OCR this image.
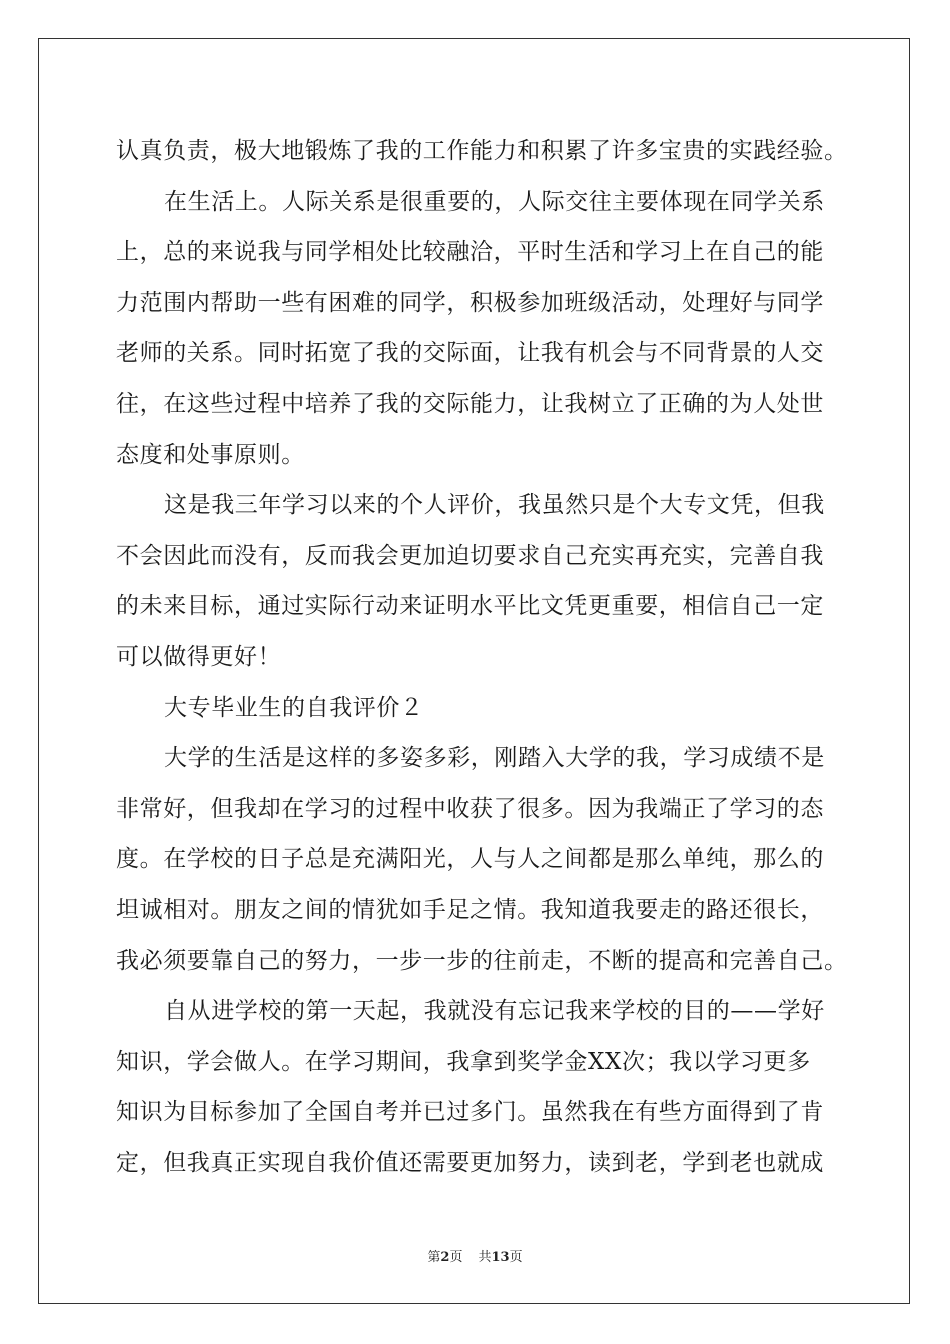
认真负责，极大地锻炼了我的工作能力和积累了许多宝贵的实践经验。
在生活上。人际关系是很重要的，人际交往主要体现在同学关系
上，总的来说我与同学相处比较融洽，平时生活和学习上在自己的能
力范围内帮助一些有困难的同学，积极参加班级活动，处理好与同学
老师的关系。同时拓宽了我的交际面，让我有机会与不同背景的人交
往，在这些过程中培养了我的交际能力，让我树立了正确的为人处世
态度和处事原则。
这是我三年学习以来的个人评价，我虽然只是个大专文凭，但我
不会因此而没有，反而我会更加迫切要求自己充实再充实，完善自我
的未来目标，通过实际行动来证明水平比文凭更重要，相信自己一定
可以做得更好！
大专毕业生的自我评价２
大学的生活是这样的多姿多彩，刚踏入大学的我，学习成绩不是
非常好，但我却在学习的过程中收获了很多。因为我端正了学习的态
度。在学校的日子总是充满阳光，人与人之间都是那么单纯，那么的
坦诚相对。朋友之间的情犹如手足之情。我知道我要走的路还很长，
我必须要靠自己的努力，一步一步的往前走，不断的提高和完善自己。
自从进学校的第一天起，我就没有忘记我来学校的目的——学好
知识，学会做人。在学习期间，我拿到奖学金XX次；我以学习更多
知识为目标参加了全国自考并已过多门。虽然我在有些方面得到了肯
定，但我真正实现自我价值还需要更加努力，读到老，学到老也就成
第2页 共13页
